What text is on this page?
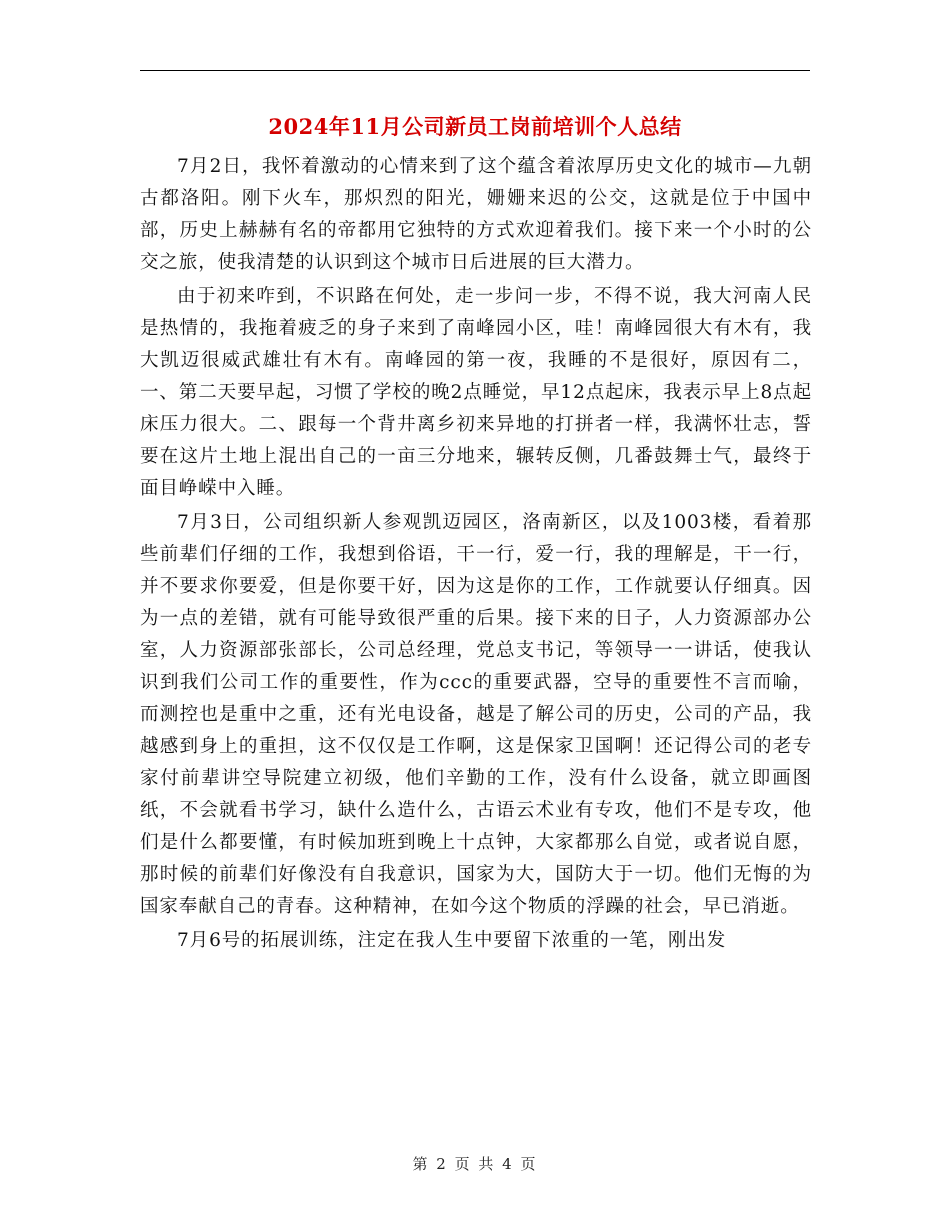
2024年11月公司新员工岗前培训个人总结

7月2日，我怀着激动的心情来到了这个蕴含着浓厚历史文化的城市—九朝古都洛阳。刚下火车，那炽烈的阳光，姗姗来迟的公交，这就是位于中国中部，历史上赫赫有名的帝都用它独特的方式欢迎着我们。接下来一个小时的公交之旅，使我清楚的认识到这个城市日后进展的巨大潜力。

由于初来咋到，不识路在何处，走一步问一步，不得不说，我大河南人民是热情的，我拖着疲乏的身子来到了南峰园小区，哇！南峰园很大有木有，我大凯迈很威武雄壮有木有。南峰园的第一夜，我睡的不是很好，原因有二，一、第二天要早起，习惯了学校的晚2点睡觉，早12点起床，我表示早上8点起床压力很大。二、跟每一个背井离乡初来异地的打拼者一样，我满怀壮志，誓要在这片土地上混出自己的一亩三分地来，辗转反侧，几番鼓舞士气，最终于面目峥嵘中入睡。

7月3日，公司组织新人参观凯迈园区，洛南新区，以及1003楼，看着那些前辈们仔细的工作，我想到俗语，干一行，爱一行，我的理解是，干一行，并不要求你要爱，但是你要干好，因为这是你的工作，工作就要认仔细真。因为一点的差错，就有可能导致很严重的后果。接下来的日子，人力资源部办公室，人力资源部张部长，公司总经理，党总支书记，等领导一一讲话，使我认识到我们公司工作的重要性，作为ccc的重要武器，空导的重要性不言而喻，而测控也是重中之重，还有光电设备，越是了解公司的历史，公司的产品，我越感到身上的重担，这不仅仅是工作啊，这是保家卫国啊！还记得公司的老专家付前辈讲空导院建立初级，他们辛勤的工作，没有什么设备，就立即画图纸，不会就看书学习，缺什么造什么，古语云术业有专攻，他们不是专攻，他们是什么都要懂，有时候加班到晚上十点钟，大家都那么自觉，或者说自愿，那时候的前辈们好像没有自我意识，国家为大，国防大于一切。他们无悔的为国家奉献自己的青春。这种精神，在如今这个物质的浮躁的社会，早已消逝。

7月6号的拓展训练，注定在我人生中要留下浓重的一笔，刚出发

第 2 页 共 4 页
